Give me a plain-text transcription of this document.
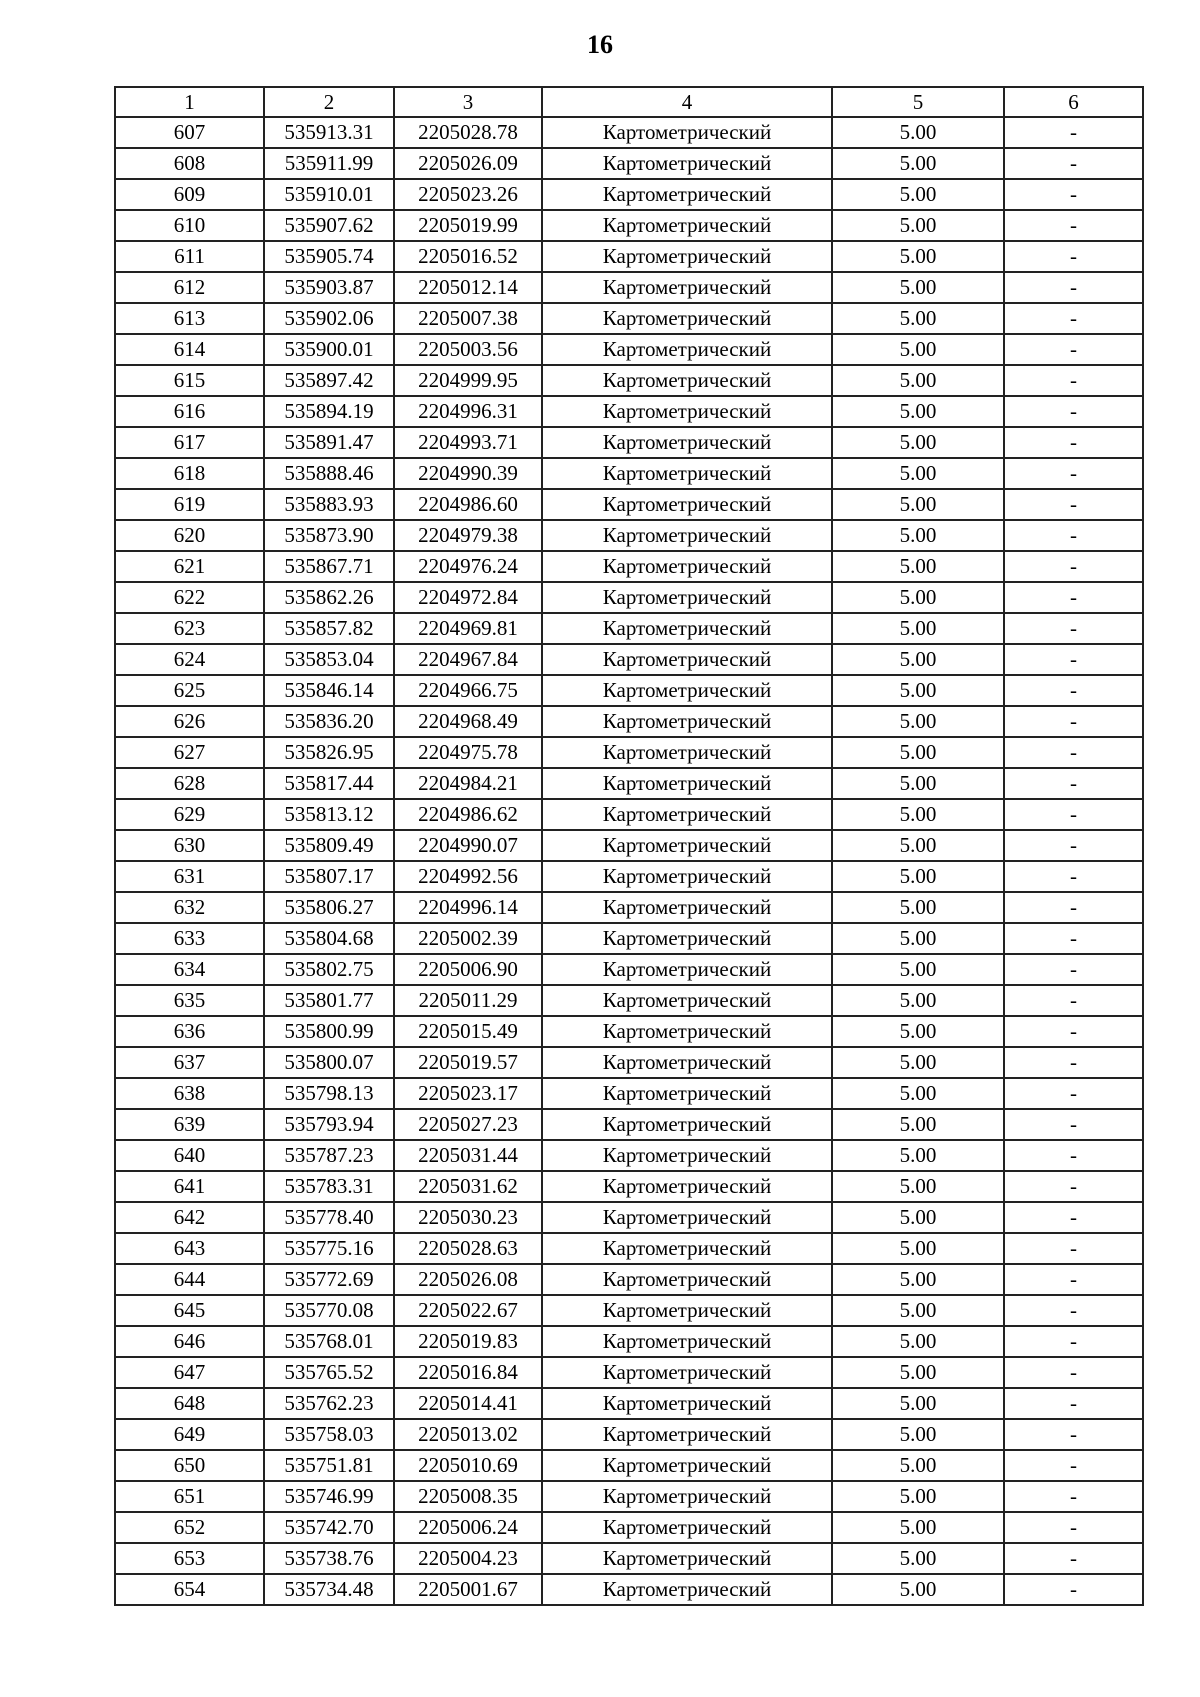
16
1	2	3	4	5	6
607	535913.31	2205028.78	Картометрический	5.00	-
608	535911.99	2205026.09	Картометрический	5.00	-
609	535910.01	2205023.26	Картометрический	5.00	-
610	535907.62	2205019.99	Картометрический	5.00	-
611	535905.74	2205016.52	Картометрический	5.00	-
612	535903.87	2205012.14	Картометрический	5.00	-
613	535902.06	2205007.38	Картометрический	5.00	-
614	535900.01	2205003.56	Картометрический	5.00	-
615	535897.42	2204999.95	Картометрический	5.00	-
616	535894.19	2204996.31	Картометрический	5.00	-
617	535891.47	2204993.71	Картометрический	5.00	-
618	535888.46	2204990.39	Картометрический	5.00	-
619	535883.93	2204986.60	Картометрический	5.00	-
620	535873.90	2204979.38	Картометрический	5.00	-
621	535867.71	2204976.24	Картометрический	5.00	-
622	535862.26	2204972.84	Картометрический	5.00	-
623	535857.82	2204969.81	Картометрический	5.00	-
624	535853.04	2204967.84	Картометрический	5.00	-
625	535846.14	2204966.75	Картометрический	5.00	-
626	535836.20	2204968.49	Картометрический	5.00	-
627	535826.95	2204975.78	Картометрический	5.00	-
628	535817.44	2204984.21	Картометрический	5.00	-
629	535813.12	2204986.62	Картометрический	5.00	-
630	535809.49	2204990.07	Картометрический	5.00	-
631	535807.17	2204992.56	Картометрический	5.00	-
632	535806.27	2204996.14	Картометрический	5.00	-
633	535804.68	2205002.39	Картометрический	5.00	-
634	535802.75	2205006.90	Картометрический	5.00	-
635	535801.77	2205011.29	Картометрический	5.00	-
636	535800.99	2205015.49	Картометрический	5.00	-
637	535800.07	2205019.57	Картометрический	5.00	-
638	535798.13	2205023.17	Картометрический	5.00	-
639	535793.94	2205027.23	Картометрический	5.00	-
640	535787.23	2205031.44	Картометрический	5.00	-
641	535783.31	2205031.62	Картометрический	5.00	-
642	535778.40	2205030.23	Картометрический	5.00	-
643	535775.16	2205028.63	Картометрический	5.00	-
644	535772.69	2205026.08	Картометрический	5.00	-
645	535770.08	2205022.67	Картометрический	5.00	-
646	535768.01	2205019.83	Картометрический	5.00	-
647	535765.52	2205016.84	Картометрический	5.00	-
648	535762.23	2205014.41	Картометрический	5.00	-
649	535758.03	2205013.02	Картометрический	5.00	-
650	535751.81	2205010.69	Картометрический	5.00	-
651	535746.99	2205008.35	Картометрический	5.00	-
652	535742.70	2205006.24	Картометрический	5.00	-
653	535738.76	2205004.23	Картометрический	5.00	-
654	535734.48	2205001.67	Картометрический	5.00	-
